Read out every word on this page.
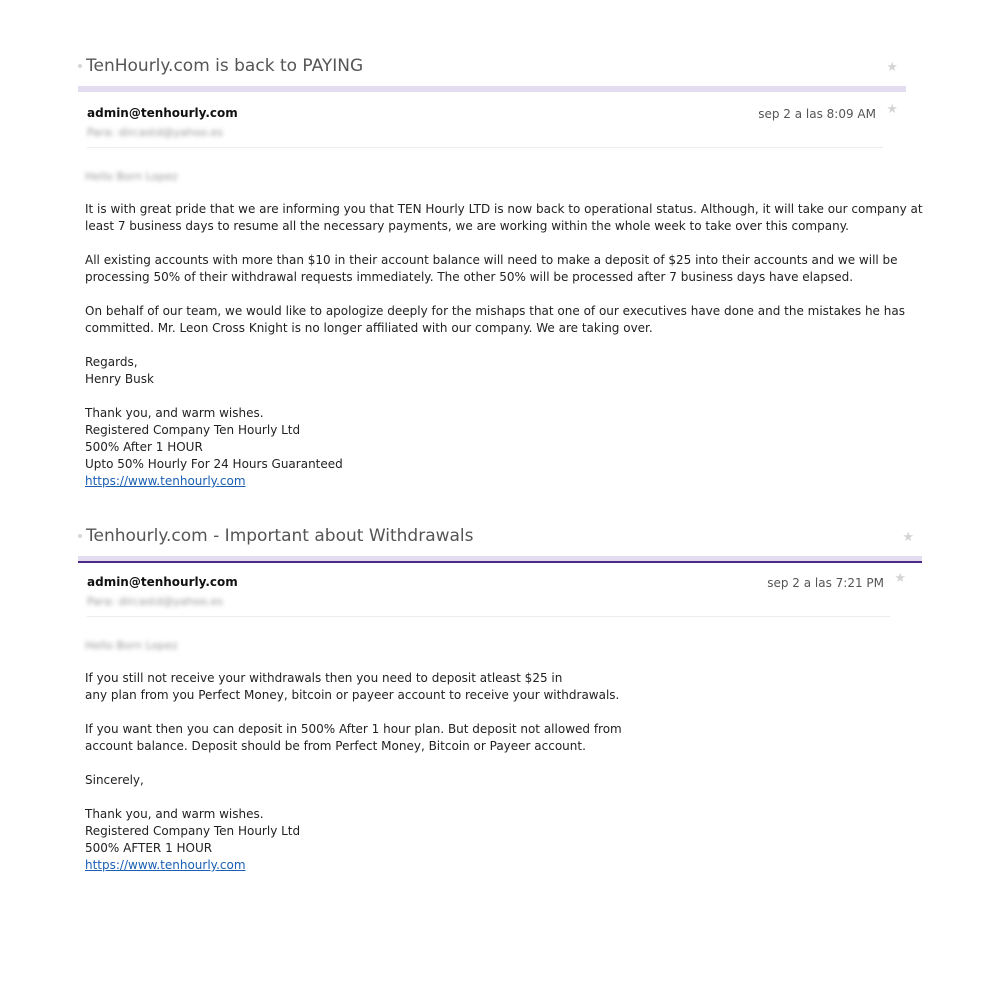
TenHourly.com is back to PAYING	★
admin@tenhourly.com
Para: dircastd@yahoo.es
sep 2 a las 8:09 AM ★
Hello Born Lopez
It is with great pride that we are informing you that TEN Hourly LTD is now back to operational status. Although, it will take our company at
least 7 business days to resume all the necessary payments, we are working within the whole week to take over this company.
All existing accounts with more than $10 in their account balance will need to make a deposit of $25 into their accounts and we will be
processing 50% of their withdrawal requests immediately. The other 50% will be processed after 7 business days have elapsed.
On behalf of our team, we would like to apologize deeply for the mishaps that one of our executives have done and the mistakes he has
committed. Mr. Leon Cross Knight is no longer affiliated with our company. We are taking over.
Regards,
Henry Busk
Thank you, and warm wishes.
Registered Company Ten Hourly Ltd
500% After 1 HOUR
Upto 50% Hourly For 24 Hours Guaranteed
https://www.tenhourly.com
Tenhourly.com - Important about Withdrawals	★
admin@tenhourly.com
Para: dircastd@yahoo.es
sep 2 a las 7:21 PM ★
Hello Born Lopez
If you still not receive your withdrawals then you need to deposit atleast $25 in
any plan from you Perfect Money, bitcoin or payeer account to receive your withdrawals.
If you want then you can deposit in 500% After 1 hour plan. But deposit not allowed from
account balance. Deposit should be from Perfect Money, Bitcoin or Payeer account.
Sincerely,
Thank you, and warm wishes.
Registered Company Ten Hourly Ltd
500% AFTER 1 HOUR
https://www.tenhourly.com
